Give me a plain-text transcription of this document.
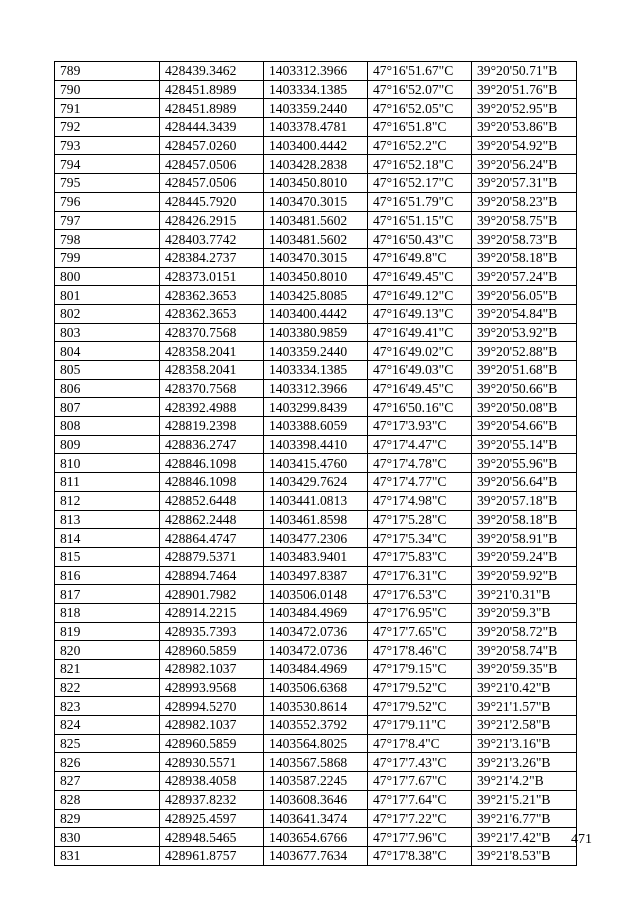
789	428439.3462	1403312.3966	47°16'51.67"С	39°20'50.71"В
790	428451.8989	1403334.1385	47°16'52.07"С	39°20'51.76"В
791	428451.8989	1403359.2440	47°16'52.05"С	39°20'52.95"В
792	428444.3439	1403378.4781	47°16'51.8"С	39°20'53.86"В
793	428457.0260	1403400.4442	47°16'52.2"С	39°20'54.92"В
794	428457.0506	1403428.2838	47°16'52.18"С	39°20'56.24"В
795	428457.0506	1403450.8010	47°16'52.17"С	39°20'57.31"В
796	428445.7920	1403470.3015	47°16'51.79"С	39°20'58.23"В
797	428426.2915	1403481.5602	47°16'51.15"С	39°20'58.75"В
798	428403.7742	1403481.5602	47°16'50.43"С	39°20'58.73"В
799	428384.2737	1403470.3015	47°16'49.8"С	39°20'58.18"В
800	428373.0151	1403450.8010	47°16'49.45"С	39°20'57.24"В
801	428362.3653	1403425.8085	47°16'49.12"С	39°20'56.05"В
802	428362.3653	1403400.4442	47°16'49.13"С	39°20'54.84"В
803	428370.7568	1403380.9859	47°16'49.41"С	39°20'53.92"В
804	428358.2041	1403359.2440	47°16'49.02"С	39°20'52.88"В
805	428358.2041	1403334.1385	47°16'49.03"С	39°20'51.68"В
806	428370.7568	1403312.3966	47°16'49.45"С	39°20'50.66"В
807	428392.4988	1403299.8439	47°16'50.16"С	39°20'50.08"В
808	428819.2398	1403388.6059	47°17'3.93"С	39°20'54.66"В
809	428836.2747	1403398.4410	47°17'4.47"С	39°20'55.14"В
810	428846.1098	1403415.4760	47°17'4.78"С	39°20'55.96"В
811	428846.1098	1403429.7624	47°17'4.77"С	39°20'56.64"В
812	428852.6448	1403441.0813	47°17'4.98"С	39°20'57.18"В
813	428862.2448	1403461.8598	47°17'5.28"С	39°20'58.18"В
814	428864.4747	1403477.2306	47°17'5.34"С	39°20'58.91"В
815	428879.5371	1403483.9401	47°17'5.83"С	39°20'59.24"В
816	428894.7464	1403497.8387	47°17'6.31"С	39°20'59.92"В
817	428901.7982	1403506.0148	47°17'6.53"С	39°21'0.31"В
818	428914.2215	1403484.4969	47°17'6.95"С	39°20'59.3"В
819	428935.7393	1403472.0736	47°17'7.65"С	39°20'58.72"В
820	428960.5859	1403472.0736	47°17'8.46"С	39°20'58.74"В
821	428982.1037	1403484.4969	47°17'9.15"С	39°20'59.35"В
822	428993.9568	1403506.6368	47°17'9.52"С	39°21'0.42"В
823	428994.5270	1403530.8614	47°17'9.52"С	39°21'1.57"В
824	428982.1037	1403552.3792	47°17'9.11"С	39°21'2.58"В
825	428960.5859	1403564.8025	47°17'8.4"С	39°21'3.16"В
826	428930.5571	1403567.5868	47°17'7.43"С	39°21'3.26"В
827	428938.4058	1403587.2245	47°17'7.67"С	39°21'4.2"В
828	428937.8232	1403608.3646	47°17'7.64"С	39°21'5.21"В
829	428925.4597	1403641.3474	47°17'7.22"С	39°21'6.77"В
830	428948.5465	1403654.6766	47°17'7.96"С	39°21'7.42"В
831	428961.8757	1403677.7634	47°17'8.38"С	39°21'8.53"В
471
